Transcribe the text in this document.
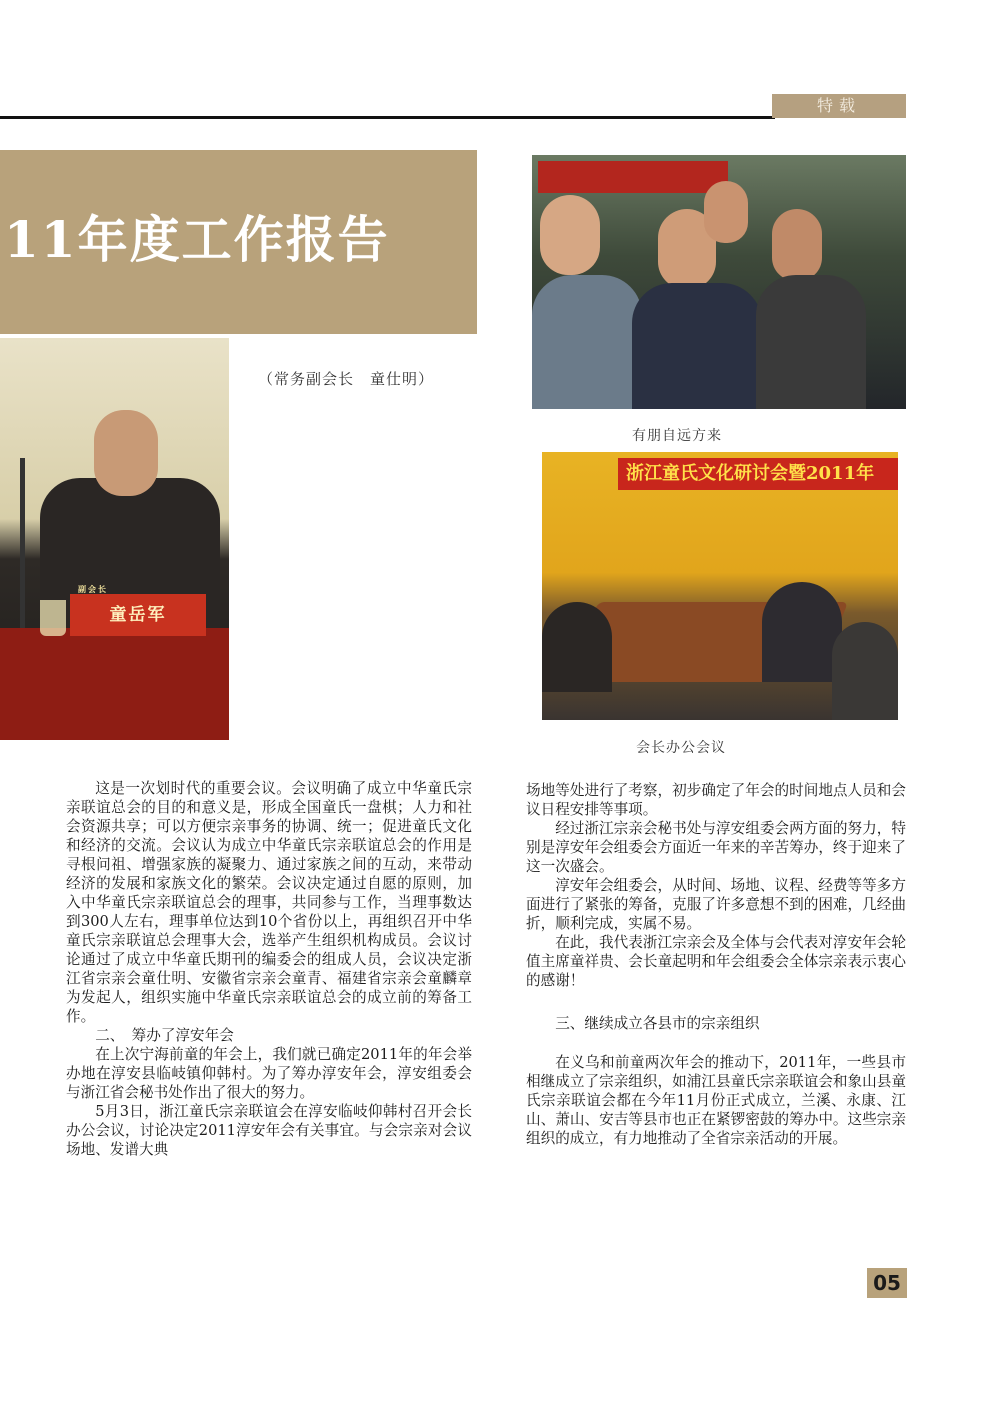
特载
11年度工作报告
（常务副会长　童仕明）
副会长
童岳军
有朋自远方来
浙江童氏文化研讨会暨2011年
会长办公会议

这是一次划时代的重要会议。会议明确了成立中华童氏宗亲联谊总会的目的和意义是，形成全国童氏一盘棋；人力和社会资源共享；可以方便宗亲事务的协调、统一；促进童氏文化和经济的交流。会议认为成立中华童氏宗亲联谊总会的作用是寻根问祖、增强家族的凝聚力、通过家族之间的互动，来带动经济的发展和家族文化的繁荣。会议决定通过自愿的原则，加入中华童氏宗亲联谊总会的理事，共同参与工作，当理事数达到300人左右，理事单位达到10个省份以上，再组织召开中华童氏宗亲联谊总会理事大会，选举产生组织机构成员。会议讨论通过了成立中华童氏期刊的编委会的组成人员，会议决定浙江省宗亲会童仕明、安徽省宗亲会童青、福建省宗亲会童麟章为发起人，组织实施中华童氏宗亲联谊总会的成立前的筹备工作。

二、　筹办了淳安年会

在上次宁海前童的年会上，我们就已确定2011年的年会举办地在淳安县临岐镇仰韩村。为了筹办淳安年会，淳安组委会与浙江省会秘书处作出了很大的努力。

5月3日，浙江童氏宗亲联谊会在淳安临岐仰韩村召开会长办公会议，讨论决定2011淳安年会有关事宜。与会宗亲对会议场地、发谱大典

场地等处进行了考察，初步确定了年会的时间地点人员和会议日程安排等事项。

经过浙江宗亲会秘书处与淳安组委会两方面的努力，特别是淳安年会组委会方面近一年来的辛苦筹办，终于迎来了这一次盛会。

淳安年会组委会，从时间、场地、议程、经费等等多方面进行了紧张的筹备，克服了许多意想不到的困难，几经曲折，顺利完成，实属不易。

在此，我代表浙江宗亲会及全体与会代表对淳安年会轮值主席童祥贵、会长童起明和年会组委会全体宗亲表示衷心的感谢！

三、继续成立各县市的宗亲组织

在义乌和前童两次年会的推动下，2011年，一些县市相继成立了宗亲组织，如浦江县童氏宗亲联谊会和象山县童氏宗亲联谊会都在今年11月份正式成立，兰溪、永康、江山、萧山、安吉等县市也正在紧锣密鼓的筹办中。这些宗亲组织的成立，有力地推动了全省宗亲活动的开展。

05
